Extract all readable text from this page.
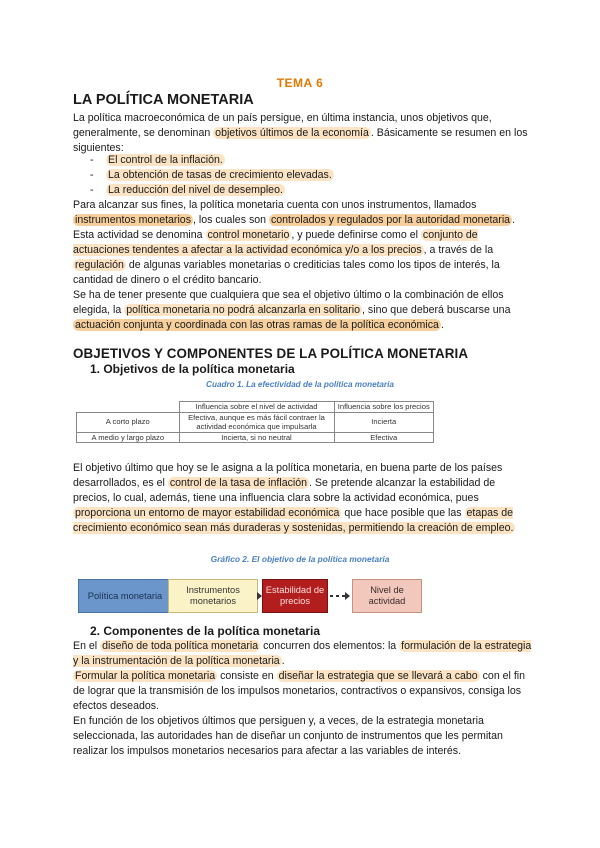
TEMA 6
LA POLÍTICA MONETARIA

La política macroeconómica de un país persigue, en última instancia, unos objetivos que, generalmente, se denominan objetivos últimos de la economía . Básicamente se resumen en los siguientes:

- El control de la inflación.
- La obtención de tasas de crecimiento elevadas.
- La reducción del nivel de desempleo.

Para alcanzar sus fines, la política monetaria cuenta con unos instrumentos, llamados instrumentos monetarios , los cuales son controlados y regulados por la autoridad monetaria . Esta actividad se denomina control monetario , y puede definirse como el conjunto de actuaciones tendentes a afectar a la actividad económica y/o a los precios , a través de la regulación de algunas variables monetarias o crediticias tales como los tipos de interés, la cantidad de dinero o el crédito bancario.
Se ha de tener presente que cualquiera que sea el objetivo último o la combinación de ellos elegida, la política monetaria no podrá alcanzarla en solitario , sino que deberá buscarse una actuación conjunta y coordinada con las otras ramas de la política económica .

OBJETIVOS Y COMPONENTES DE LA POLÍTICA MONETARIA
1. Objetivos de la política monetaria
Cuadro 1. La efectividad de la política monetaria
	Influencia sobre el nivel de actividad	Influencia sobre los precios
A corto plazo	Efectiva, aunque es más fácil contraer la actividad económica que impulsarla	Incierta
A medio y largo plazo	Incierta, si no neutral	Efectiva

El objetivo último que hoy se le asigna a la política monetaria, en buena parte de los países desarrollados, es el control de la tasa de inflación . Se pretende alcanzar la estabilidad de precios, lo cual, además, tiene una influencia clara sobre la actividad económica, pues proporciona un entorno de mayor estabilidad económica que hace posible que las etapas de crecimiento económico sean más duraderas y sostenidas, permitiendo la creación de empleo.

Gráfico 2. El objetivo de la política monetaria
Política monetaria
Instrumentos monetarios
Estabilidad de precios
Nivel de actividad
2. Componentes de la política monetaria

En el diseño de toda política monetaria concurren dos elementos: la formulación de la estrategia y la instrumentación de la política monetaria .
Formular la política monetaria consiste en diseñar la estrategia que se llevará a cabo con el fin de lograr que la transmisión de los impulsos monetarios, contractivos o expansivos, consiga los efectos deseados.
En función de los objetivos últimos que persiguen y, a veces, de la estrategia monetaria seleccionada, las autoridades han de diseñar un conjunto de instrumentos que les permitan realizar los impulsos monetarios necesarios para afectar a las variables de interés.
